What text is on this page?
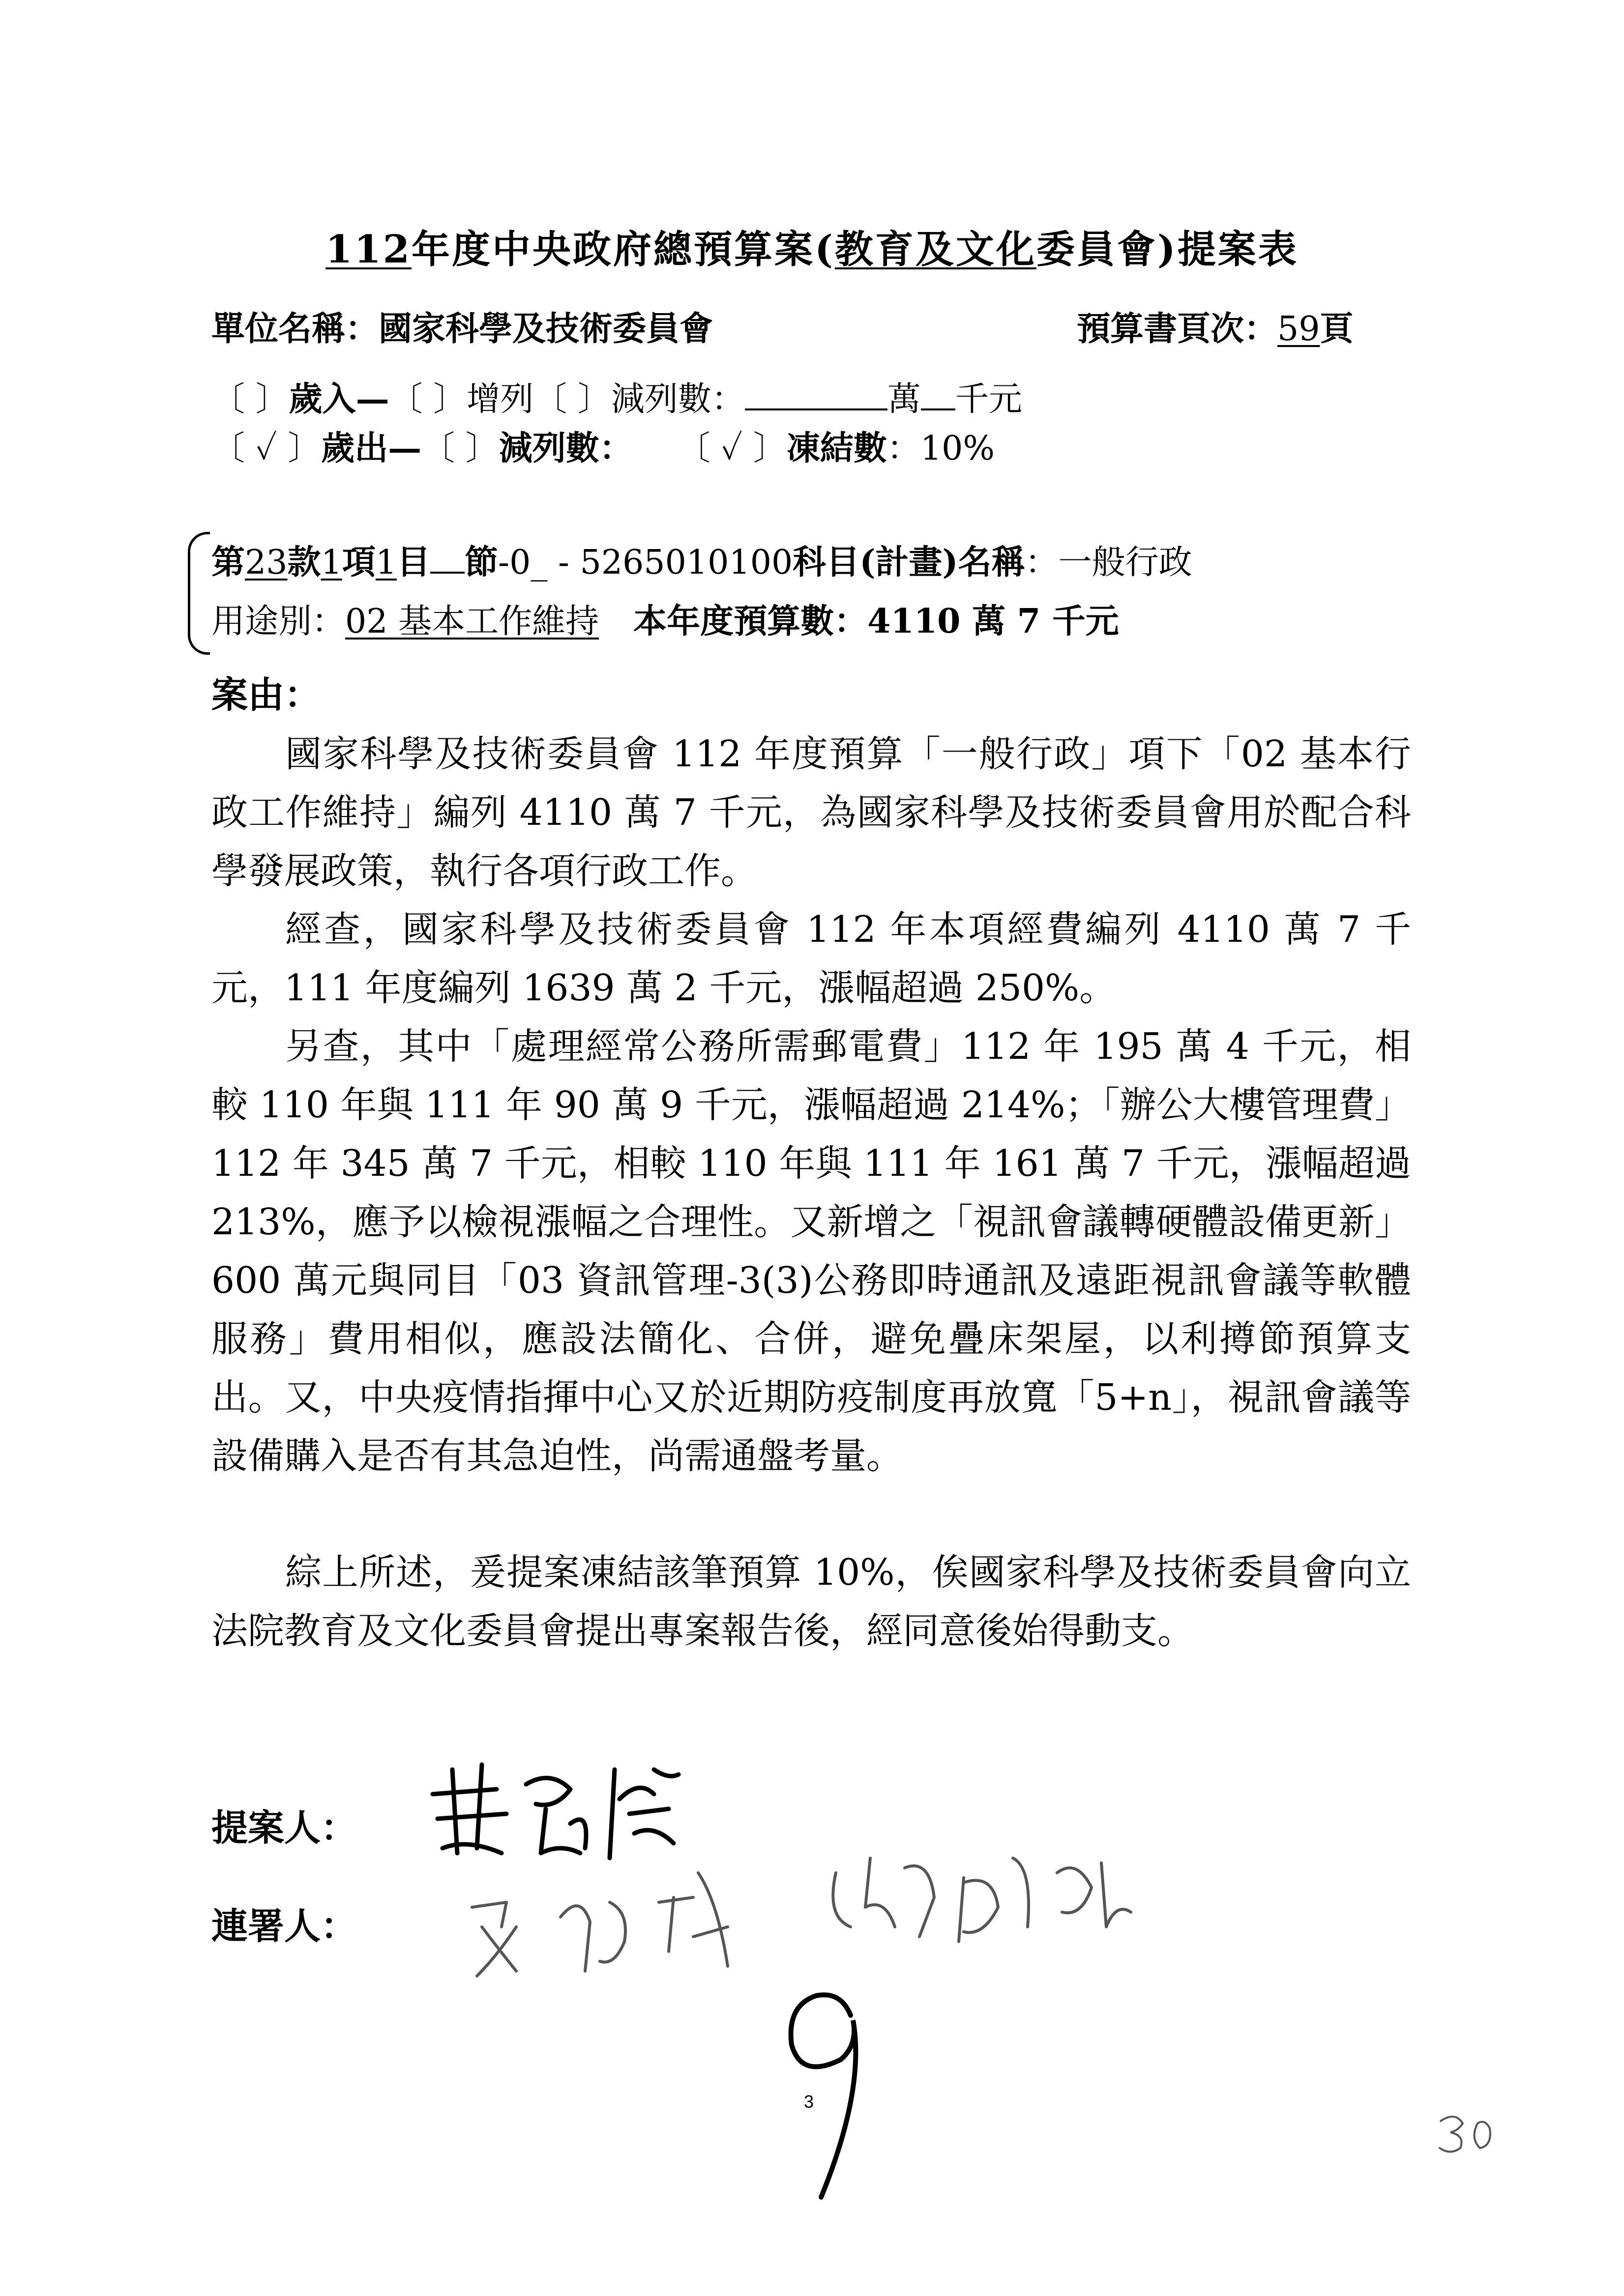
112年度中央政府總預算案(教育及文化委員會)提案表
單位名稱：國家科學及技術委員會	預算書頁次：59頁
〔 〕歲入—〔 〕增列〔 〕減列數：	萬 千元
〔 ✓ 〕歲出—〔 〕減列數： 〔 ✓ 〕凍結數：10%
第23款1項1目 節-0_ - 5265010100科目(計畫)名稱：一般行政
用途別：02 基本工作維持 本年度預算數：4110 萬 7 千元
案由：
國家科學及技術委員會 112 年度預算「一般行政」項下「02 基本行政工作維持」編列 4110 萬 7 千元，為國家科學及技術委員會用於配合科學發展政策，執行各項行政工作。
經查，國家科學及技術委員會 112 年本項經費編列 4110 萬 7 千元，111 年度編列 1639 萬 2 千元，漲幅超過 250%。
另查，其中「處理經常公務所需郵電費」112 年 195 萬 4 千元，相較 110 年與 111 年 90 萬 9 千元，漲幅超過 214%；「辦公大樓管理費」112 年 345 萬 7 千元，相較 110 年與 111 年 161 萬 7 千元，漲幅超過 213%，應予以檢視漲幅之合理性。又新增之「視訊會議轉硬體設備更新」600 萬元與同目「03 資訊管理-3(3)公務即時通訊及遠距視訊會議等軟體服務」費用相似，應設法簡化、合併，避免疊床架屋，以利撙節預算支出。又，中央疫情指揮中心又於近期防疫制度再放寬「5+n」，視訊會議等設備購入是否有其急迫性，尚需通盤考量。
綜上所述，爰提案凍結該筆預算 10%，俟國家科學及技術委員會向立法院教育及文化委員會提出專案報告後，經同意後始得動支。
提案人：
連署人：
3
